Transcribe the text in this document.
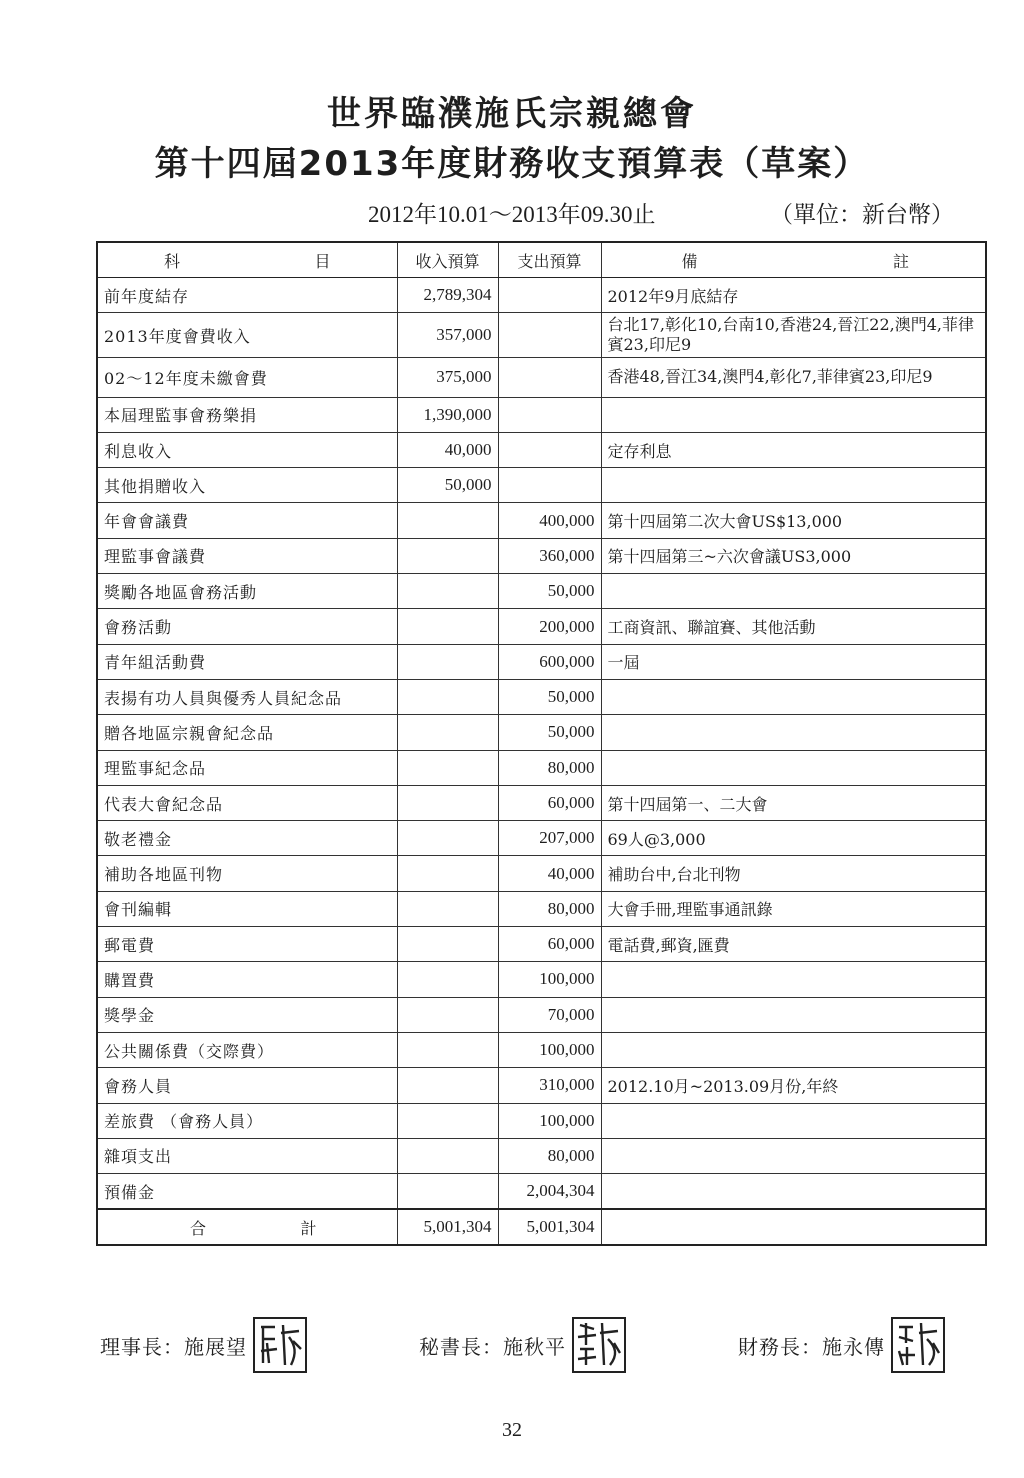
世界臨濮施氏宗親總會
第十四屆2013年度財務收支預算表（草案）
2012年10.01～2013年09.30止	（單位：新台幣）
科 目	收入預算	支出預算	備 註

前年度結存	2,789,304		2012年9月底結存
2013年度會費收入	357,000		台北17,彰化10,台南10,香港24,晉江22,澳門4,菲律賓23,印尼9
02～12年度未繳會費	375,000		香港48,晉江34,澳門4,彰化7,菲律賓23,印尼9
本屆理監事會務樂捐	1,390,000		
利息收入	40,000		定存利息
其他捐贈收入	50,000		
年會會議費		400,000	第十四屆第二次大會US$13,000
理監事會議費		360,000	第十四屆第三~六次會議US3,000
獎勵各地區會務活動		50,000	
會務活動		200,000	工商資訊、聯誼賽、其他活動
青年組活動費		600,000	一屆
表揚有功人員與優秀人員紀念品		50,000	
贈各地區宗親會紀念品		50,000	
理監事紀念品		80,000	
代表大會紀念品		60,000	第十四屆第一、二大會
敬老禮金		207,000	69人@3,000
補助各地區刊物		40,000	補助台中,台北刊物
會刊編輯		80,000	大會手冊,理監事通訊錄
郵電費		60,000	電話費,郵資,匯費
購置費		100,000	
獎學金		70,000	
公共關係費（交際費）		100,000	
會務人員		310,000	2012.10月~2013.09月份,年終
差旅費 （會務人員）		100,000	
雜項支出		80,000	
預備金		2,004,304	

合 計	5,001,304	5,001,304	
理事長：施展望	秘書長：施秋平	財務長：施永傳
32
